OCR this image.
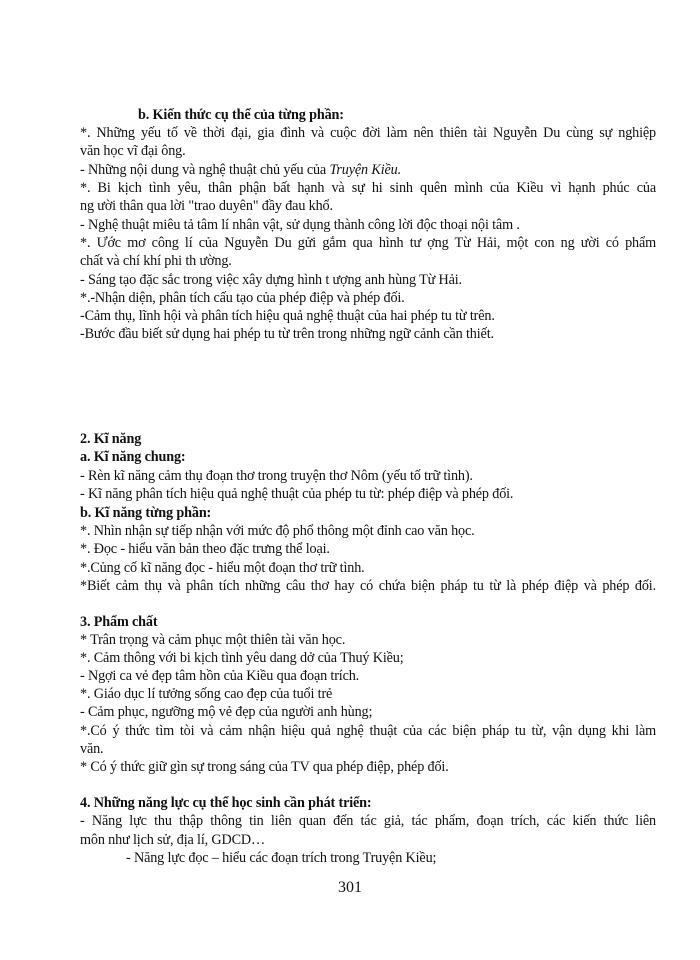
b. Kiến thức cụ thể của từng phần:
*. Những yếu tố về thời đại, gia đình và cuộc đời làm nên thiên tài Nguyễn Du cùng sự nghiệp
văn học vĩ đại ông.
- Những nội dung và nghệ thuật chủ yếu của Truyện Kiều.
*. Bi kịch tình yêu, thân phận bất hạnh và sự hi sinh quên mình của Kiều vì hạnh phúc của
ng ười thân qua lời "trao duyên" đầy đau khổ.
- Nghệ thuật miêu tả tâm lí nhân vật, sử dụng thành công lời độc thoại nội tâm .
*. Ước mơ công lí của Nguyễn Du gửi gắm qua hình tư ợng Từ Hải, một con ng ười có phẩm
chất và chí khí phi th ường.
- Sáng tạo đặc sắc trong việc xây dựng hình t ượng anh hùng Từ Hải.
*.-Nhận diện, phân tích cấu tạo của phép điệp và phép đối.
-Cảm thụ, lĩnh hội và phân tích hiệu quả nghệ thuật của hai phép tu từ trên.
-Bước đầu biết sử dụng hai phép tu từ trên trong những ngữ cảnh cần thiết.
2. Kĩ năng
a. Kĩ năng chung:
- Rèn kĩ năng cảm thụ đoạn thơ trong truyện thơ Nôm (yếu tố trữ tình).
- Kĩ năng phân tích hiệu quả nghệ thuật của phép tu từ: phép điệp và phép đối.
b. Kĩ năng từng phần:
*. Nhìn nhận sự tiếp nhận với mức độ phổ thông một đỉnh cao văn học.
*. Đọc - hiểu văn bản theo đặc trưng thể loại.
*.Củng cố kĩ năng đọc - hiểu một đoạn thơ trữ tình.
*Biết cảm thụ và phân tích những câu thơ hay có chứa biện pháp tu từ là phép điệp và phép đối.
3. Phẩm chất
* Trân trọng và cảm phục một thiên tài văn học.
*. Cảm thông với bi kịch tình yêu dang dở của Thuý Kiều;
- Ngợi ca vẻ đẹp tâm hồn của Kiều qua đoạn trích.
*. Giáo dục lí tưởng sống cao đẹp của tuổi trẻ
- Cảm phục, ngưỡng mộ vẻ đẹp của người anh hùng;
*.Có ý thức tìm tòi và cảm nhận hiệu quả nghệ thuật của các biện pháp tu từ, vận dụng khi làm
văn.
* Có ý thức giữ gìn sự trong sáng của TV qua phép điệp, phép đối.
4. Những năng lực cụ thể học sinh cần phát triển:
- Năng lực thu thập thông tin liên quan đến tác giả, tác phẩm, đoạn trích, các kiến thức liên
môn như lịch sử, địa lí, GDCD…
- Năng lực đọc – hiểu các đoạn trích trong Truyện Kiều;
301
